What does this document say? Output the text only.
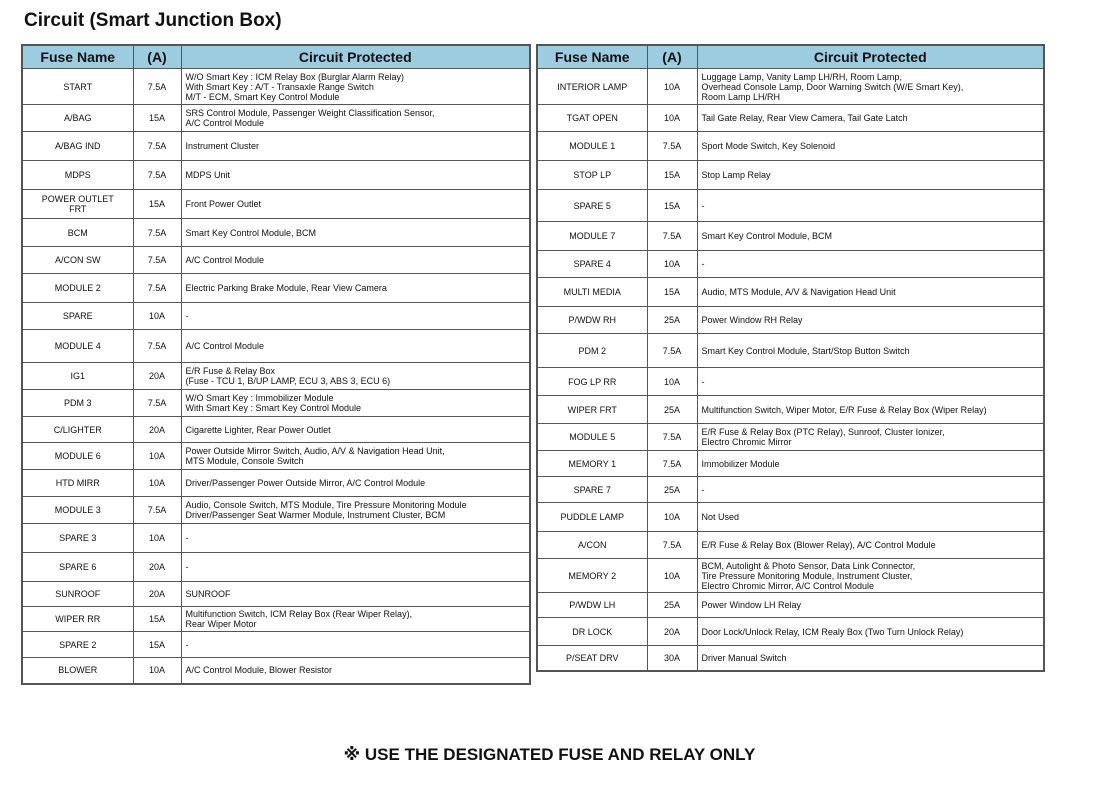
Circuit (Smart Junction Box)
Fuse Name	(A)	Circuit Protected
START	7.5A	W/O Smart Key : ICM Relay Box (Burglar Alarm Relay)
With Smart Key : A/T - Transaxle Range Switch
M/T - ECM, Smart Key Control Module
A/BAG	15A	SRS Control Module, Passenger Weight Classification Sensor,
A/C Control Module
A/BAG IND	7.5A	Instrument Cluster
MDPS	7.5A	MDPS Unit
POWER OUTLET
FRT	15A	Front Power Outlet
BCM	7.5A	Smart Key Control Module, BCM
A/CON SW	7.5A	A/C Control Module
MODULE 2	7.5A	Electric Parking Brake Module, Rear View Camera
SPARE	10A	-
MODULE 4	7.5A	A/C Control Module
IG1	20A	E/R Fuse & Relay Box
(Fuse - TCU 1, B/UP LAMP, ECU 3, ABS 3, ECU 6)
PDM 3	7.5A	W/O Smart Key : Immobilizer Module
With Smart Key : Smart Key Control Module
C/LIGHTER	20A	Cigarette Lighter, Rear Power Outlet
MODULE 6	10A	Power Outside Mirror Switch, Audio, A/V & Navigation Head Unit,
MTS Module, Console Switch
HTD MIRR	10A	Driver/Passenger Power Outside Mirror, A/C Control Module
MODULE 3	7.5A	Audio, Console Switch, MTS Module, Tire Pressure Monitoring Module
Driver/Passenger Seat Warmer Module, Instrument Cluster, BCM
SPARE 3	10A	-
SPARE 6	20A	-
SUNROOF	20A	SUNROOF
WIPER RR	15A	Multifunction Switch, ICM Relay Box (Rear Wiper Relay),
Rear Wiper Motor
SPARE 2	15A	-
BLOWER	10A	A/C Control Module, Blower Resistor
Fuse Name	(A)	Circuit Protected
INTERIOR LAMP	10A	Luggage Lamp, Vanity Lamp LH/RH, Room Lamp,
Overhead Console Lamp, Door Warning Switch (W/E Smart Key),
Room Lamp LH/RH
TGAT OPEN	10A	Tail Gate Relay, Rear View Camera, Tail Gate Latch
MODULE 1	7.5A	Sport Mode Switch, Key Solenoid
STOP LP	15A	Stop Lamp Relay
SPARE 5	15A	-
MODULE 7	7.5A	Smart Key Control Module, BCM
SPARE 4	10A	-
MULTI MEDIA	15A	Audio, MTS Module, A/V & Navigation Head Unit
P/WDW RH	25A	Power Window RH Relay
PDM 2	7.5A	Smart Key Control Module, Start/Stop Button Switch
FOG LP RR	10A	-
WIPER FRT	25A	Multifunction Switch, Wiper Motor, E/R Fuse & Relay Box (Wiper Relay)
MODULE 5	7.5A	E/R Fuse & Relay Box (PTC Relay), Sunroof, Cluster Ionizer,
Electro Chromic Mirror
MEMORY 1	7.5A	Immobilizer Module
SPARE 7	25A	-
PUDDLE LAMP	10A	Not Used
A/CON	7.5A	E/R Fuse & Relay Box (Blower Relay), A/C Control Module
MEMORY 2	10A	BCM, Autolight & Photo Sensor, Data Link Connector,
Tire Pressure Monitoring Module, Instrument Cluster,
Electro Chromic Mirror, A/C Control Module
P/WDW LH	25A	Power Window LH Relay
DR LOCK	20A	Door Lock/Unlock Relay, ICM Realy Box (Two Turn Unlock Relay)
P/SEAT DRV	30A	Driver Manual Switch
※ USE THE DESIGNATED FUSE AND RELAY ONLY
